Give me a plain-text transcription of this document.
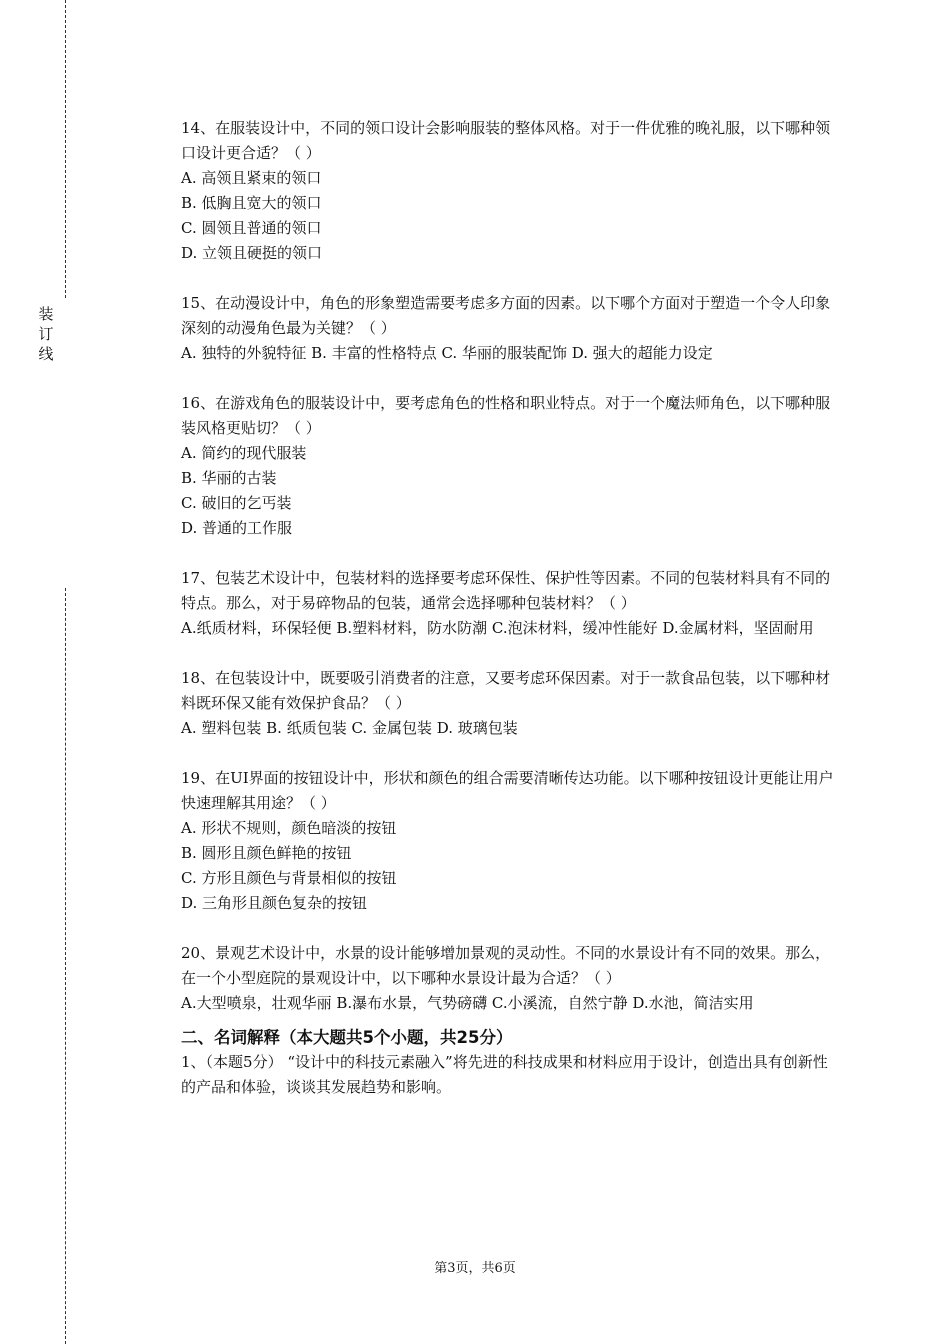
装
订
线

14、在服装设计中，不同的领口设计会影响服装的整体风格。对于一件优雅的晚礼服，以下哪种领口设计更合适？（ ）

A. 高领且紧束的领口

B. 低胸且宽大的领口

C. 圆领且普通的领口

D. 立领且硬挺的领口

15、在动漫设计中，角色的形象塑造需要考虑多方面的因素。以下哪个方面对于塑造一个令人印象深刻的动漫角色最为关键？（ ）

A. 独特的外貌特征 B. 丰富的性格特点 C. 华丽的服装配饰 D. 强大的超能力设定

16、在游戏角色的服装设计中，要考虑角色的性格和职业特点。对于一个魔法师角色，以下哪种服装风格更贴切？（ ）

A. 简约的现代服装

B. 华丽的古装

C. 破旧的乞丐装

D. 普通的工作服

17、包装艺术设计中，包装材料的选择要考虑环保性、保护性等因素。不同的包装材料具有不同的特点。那么，对于易碎物品的包装，通常会选择哪种包装材料？（ ）

A.纸质材料，环保轻便 B.塑料材料，防水防潮 C.泡沫材料，缓冲性能好 D.金属材料，坚固耐用

18、在包装设计中，既要吸引消费者的注意，又要考虑环保因素。对于一款食品包装，以下哪种材料既环保又能有效保护食品？（ ）

A. 塑料包装 B. 纸质包装 C. 金属包装 D. 玻璃包装

19、在UI界面的按钮设计中，形状和颜色的组合需要清晰传达功能。以下哪种按钮设计更能让用户快速理解其用途？（ ）

A. 形状不规则，颜色暗淡的按钮

B. 圆形且颜色鲜艳的按钮

C. 方形且颜色与背景相似的按钮

D. 三角形且颜色复杂的按钮

20、景观艺术设计中，水景的设计能够增加景观的灵动性。不同的水景设计有不同的效果。那么，在一个小型庭院的景观设计中，以下哪种水景设计最为合适？（ ）

A.大型喷泉，壮观华丽 B.瀑布水景，气势磅礴 C.小溪流，自然宁静 D.水池，简洁实用

二、名词解释（本大题共5个小题，共25分）

1、（本题5分） “设计中的科技元素融入”将先进的科技成果和材料应用于设计，创造出具有创新性的产品和体验，谈谈其发展趋势和影响。

第3页，共6页
